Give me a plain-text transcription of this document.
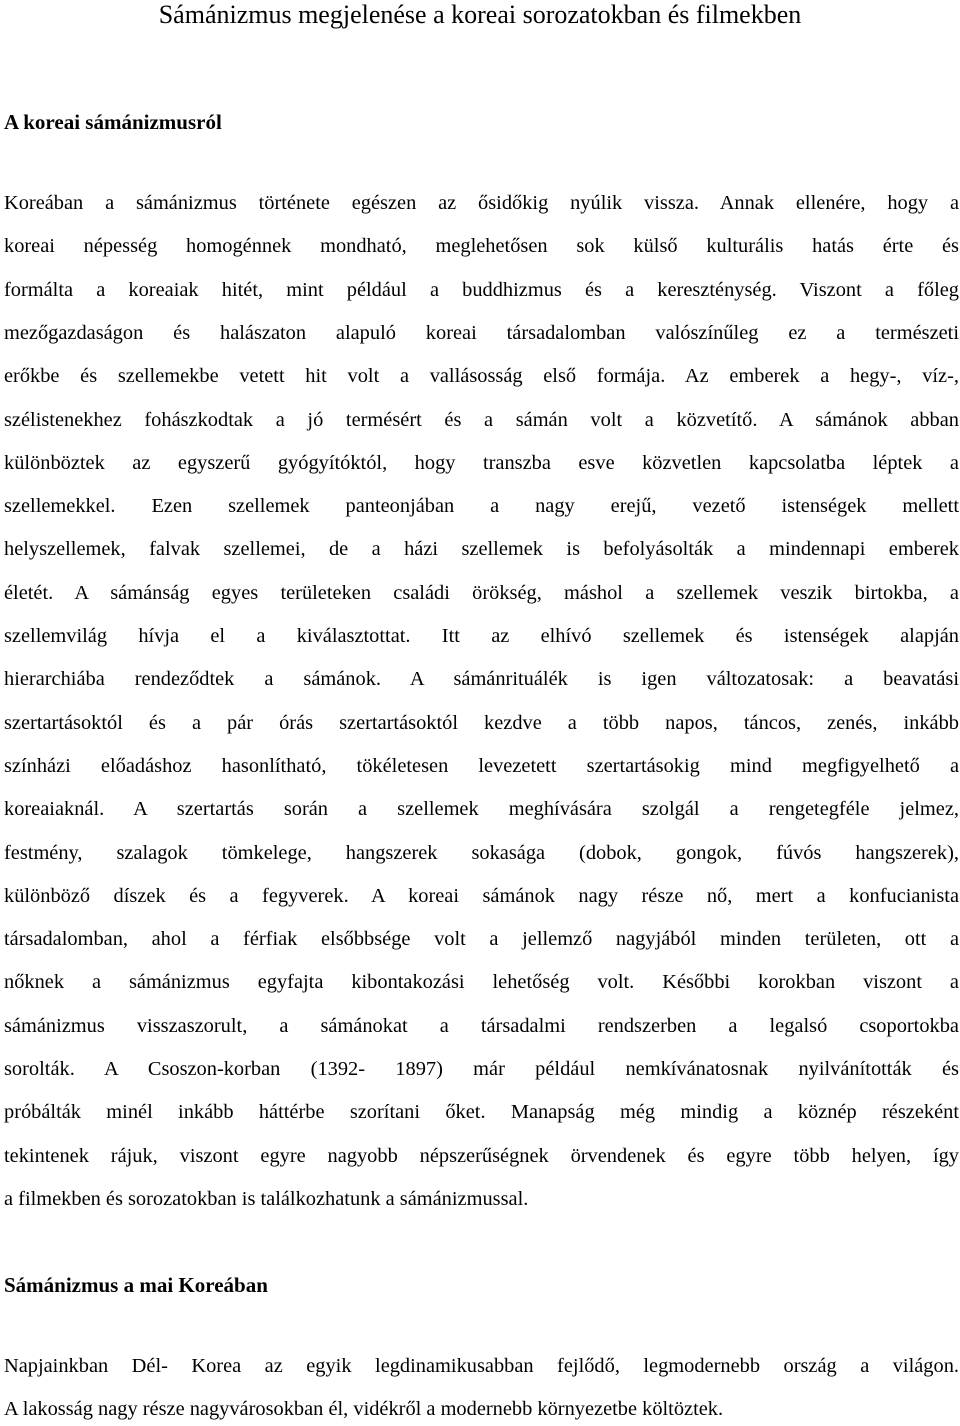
Sámánizmus megjelenése a koreai sorozatokban és filmekben
A koreai sámánizmusról
Koreában a sámánizmus története egészen az ősidőkig nyúlik vissza. Annak ellenére, hogy a
koreai népesség homogénnek mondható, meglehetősen sok külső kulturális hatás érte és
formálta a koreaiak hitét, mint például a buddhizmus és a kereszténység. Viszont a főleg
mezőgazdaságon és halászaton alapuló koreai társadalomban valószínűleg ez a természeti
erőkbe és szellemekbe vetett hit volt a vallásosság első formája. Az emberek a hegy-, víz-,
szélistenekhez fohászkodtak a jó termésért és a sámán volt a közvetítő. A sámánok abban
különböztek az egyszerű gyógyítóktól, hogy transzba esve közvetlen kapcsolatba léptek a
szellemekkel. Ezen szellemek panteonjában a nagy erejű, vezető istenségek mellett
helyszellemek, falvak szellemei, de a házi szellemek is befolyásolták a mindennapi emberek
életét. A sámánság egyes területeken családi örökség, máshol a szellemek veszik birtokba, a
szellemvilág hívja el a kiválasztottat. Itt az elhívó szellemek és istenségek alapján
hierarchiába rendeződtek a sámánok. A sámánrituálék is igen változatosak: a beavatási
szertartásoktól és a pár órás szertartásoktól kezdve a több napos, táncos, zenés, inkább
színházi előadáshoz hasonlítható, tökéletesen levezetett szertartásokig mind megfigyelhető a
koreaiaknál. A szertartás során a szellemek meghívására szolgál a rengetegféle jelmez,
festmény, szalagok tömkelege, hangszerek sokasága (dobok, gongok, fúvós hangszerek),
különböző díszek és a fegyverek. A koreai sámánok nagy része nő, mert a konfucianista
társadalomban, ahol a férfiak elsőbbsége volt a jellemző nagyjából minden területen, ott a
nőknek a sámánizmus egyfajta kibontakozási lehetőség volt. Későbbi korokban viszont a
sámánizmus visszaszorult, a sámánokat a társadalmi rendszerben a legalsó csoportokba
sorolták. A Csoszon-korban (1392- 1897) már például nemkívánatosnak nyilvánították és
próbálták minél inkább háttérbe szorítani őket. Manapság még mindig a köznép részeként
tekintenek rájuk, viszont egyre nagyobb népszerűségnek örvendenek és egyre több helyen, így
a filmekben és sorozatokban is találkozhatunk a sámánizmussal.
Sámánizmus a mai Koreában
Napjainkban Dél- Korea az egyik legdinamikusabban fejlődő, legmodernebb ország a világon.
A lakosság nagy része nagyvárosokban él, vidékről a modernebb környezetbe költöztek.
